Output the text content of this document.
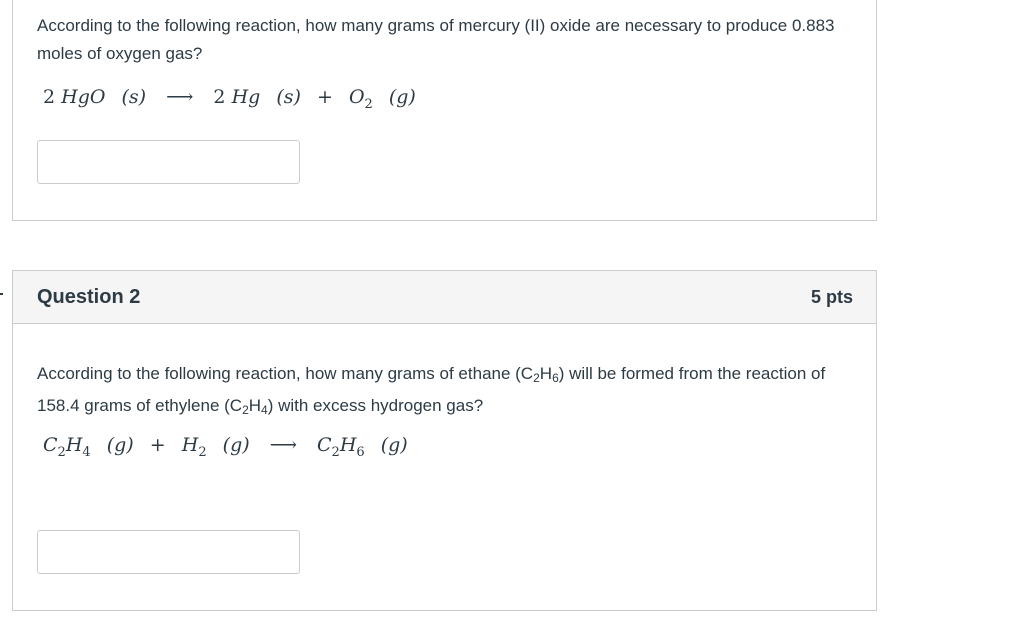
According to the following reaction, how many grams of mercury (II) oxide are necessary to produce 0.883 moles of oxygen gas?
2 HgO (s) ⟶ 2 Hg $(s) + O_2$ (g)
Question 2	5 pts
According to the following reaction, how many grams of ethane (C2H6) will be formed from the reaction of 158.4 grams of ethylene (C2H4) with excess hydrogen gas?
$C_2H_4$ $(g) + H_2$ (g) ⟶ $C_2H_6$ (g)
